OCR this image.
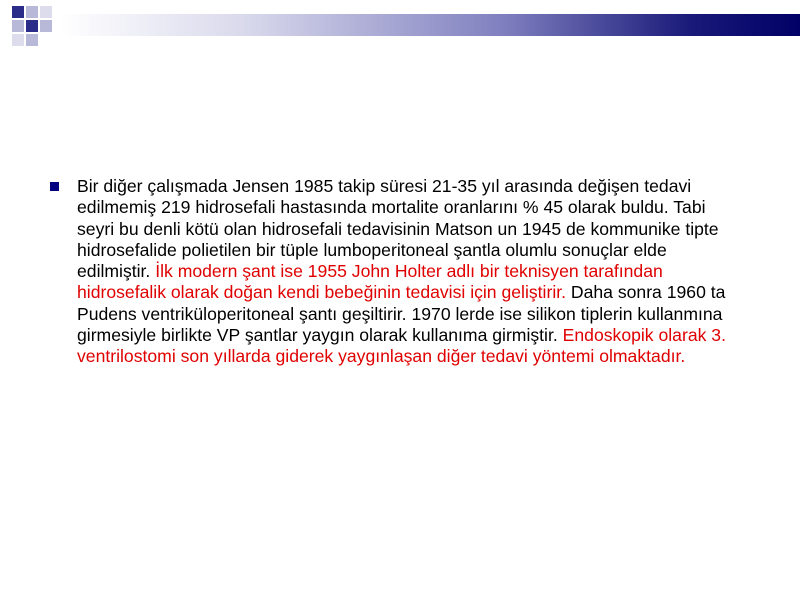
Bir diğer çalışmada Jensen 1985 takip süresi 21-35 yıl arasında değişen tedavi edilmemiş 219 hidrosefali hastasında mortalite oranlarını % 45 olarak buldu. Tabi seyri bu denli kötü olan hidrosefali tedavisinin Matson un 1945 de kommunike tipte hidrosefalide polietilen bir tüple lumboperitoneal şantla olumlu sonuçlar elde edilmiştir. İlk modern şant ise 1955 John Holter adlı bir teknisyen tarafından hidrosefalik olarak doğan kendi bebeğinin tedavisi için geliştirir. Daha sonra 1960 ta Pudens ventriküloperitoneal şantı geşiltirir. 1970 lerde ise silikon tiplerin kullanmına girmesiyle birlikte VP şantlar yaygın olarak kullanıma girmiştir. Endoskopik olarak 3. ventrilostomi son yıllarda giderek yaygınlaşan diğer tedavi yöntemi olmaktadır.
